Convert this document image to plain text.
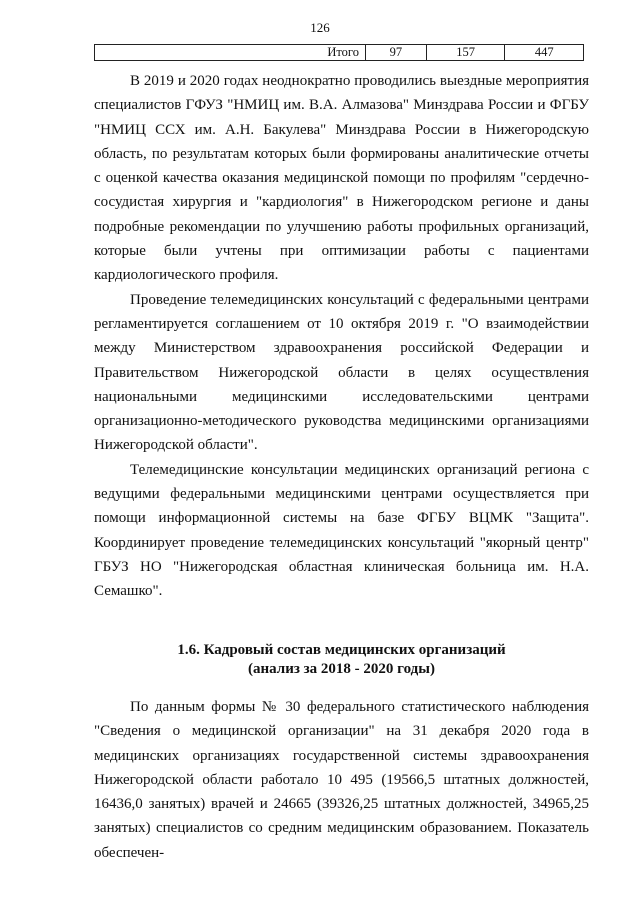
126
Итого	97	157	447

В 2019 и 2020 годах неоднократно проводились выездные мероприятия специалистов ГФУЗ "НМИЦ им. В.А. Алмазова" Минздрава России и ФГБУ "НМИЦ ССХ им. А.Н. Бакулева" Минздрава России в Нижегородскую область, по результатам которых были формированы аналитические отчеты с оценкой качества оказания медицинской помощи по профилям "сердечно-сосудистая хирургия и "кардиология" в Нижегородском регионе и даны подробные рекомендации по улучшению работы профильных организаций, которые были учтены при оптимизации работы с пациентами кардиологического профиля.

Проведение телемедицинских консультаций с федеральными центрами регламентируется соглашением от 10 октября 2019 г. "О взаимодействии между Министерством здравоохранения российской Федерации и Правительством Нижегородской области в целях осуществления национальными медицинскими исследовательскими центрами организационно-методического руководства медицинскими организациями Нижегородской области".

Телемедицинские консультации медицинских организаций региона с ведущими федеральными медицинскими центрами осуществляется при помощи информационной системы на базе ФГБУ ВЦМК "Защита". Координирует проведение телемедицинских консультаций "якорный центр" ГБУЗ НО "Нижегородская областная клиническая больница им. Н.А. Семашко".

1.6. Кадровый состав медицинских организаций
(анализ за 2018 - 2020 годы)

По данным формы № 30 федерального статистического наблюдения "Сведения о медицинской организации" на 31 декабря 2020 года в медицинских организациях государственной системы здравоохранения Нижегородской области работало 10 495 (19566,5 штатных должностей, 16436,0 занятых) врачей и 24665 (39326,25 штатных должностей, 34965,25 занятых) специалистов со средним медицинским образованием. Показатель обеспечен-
